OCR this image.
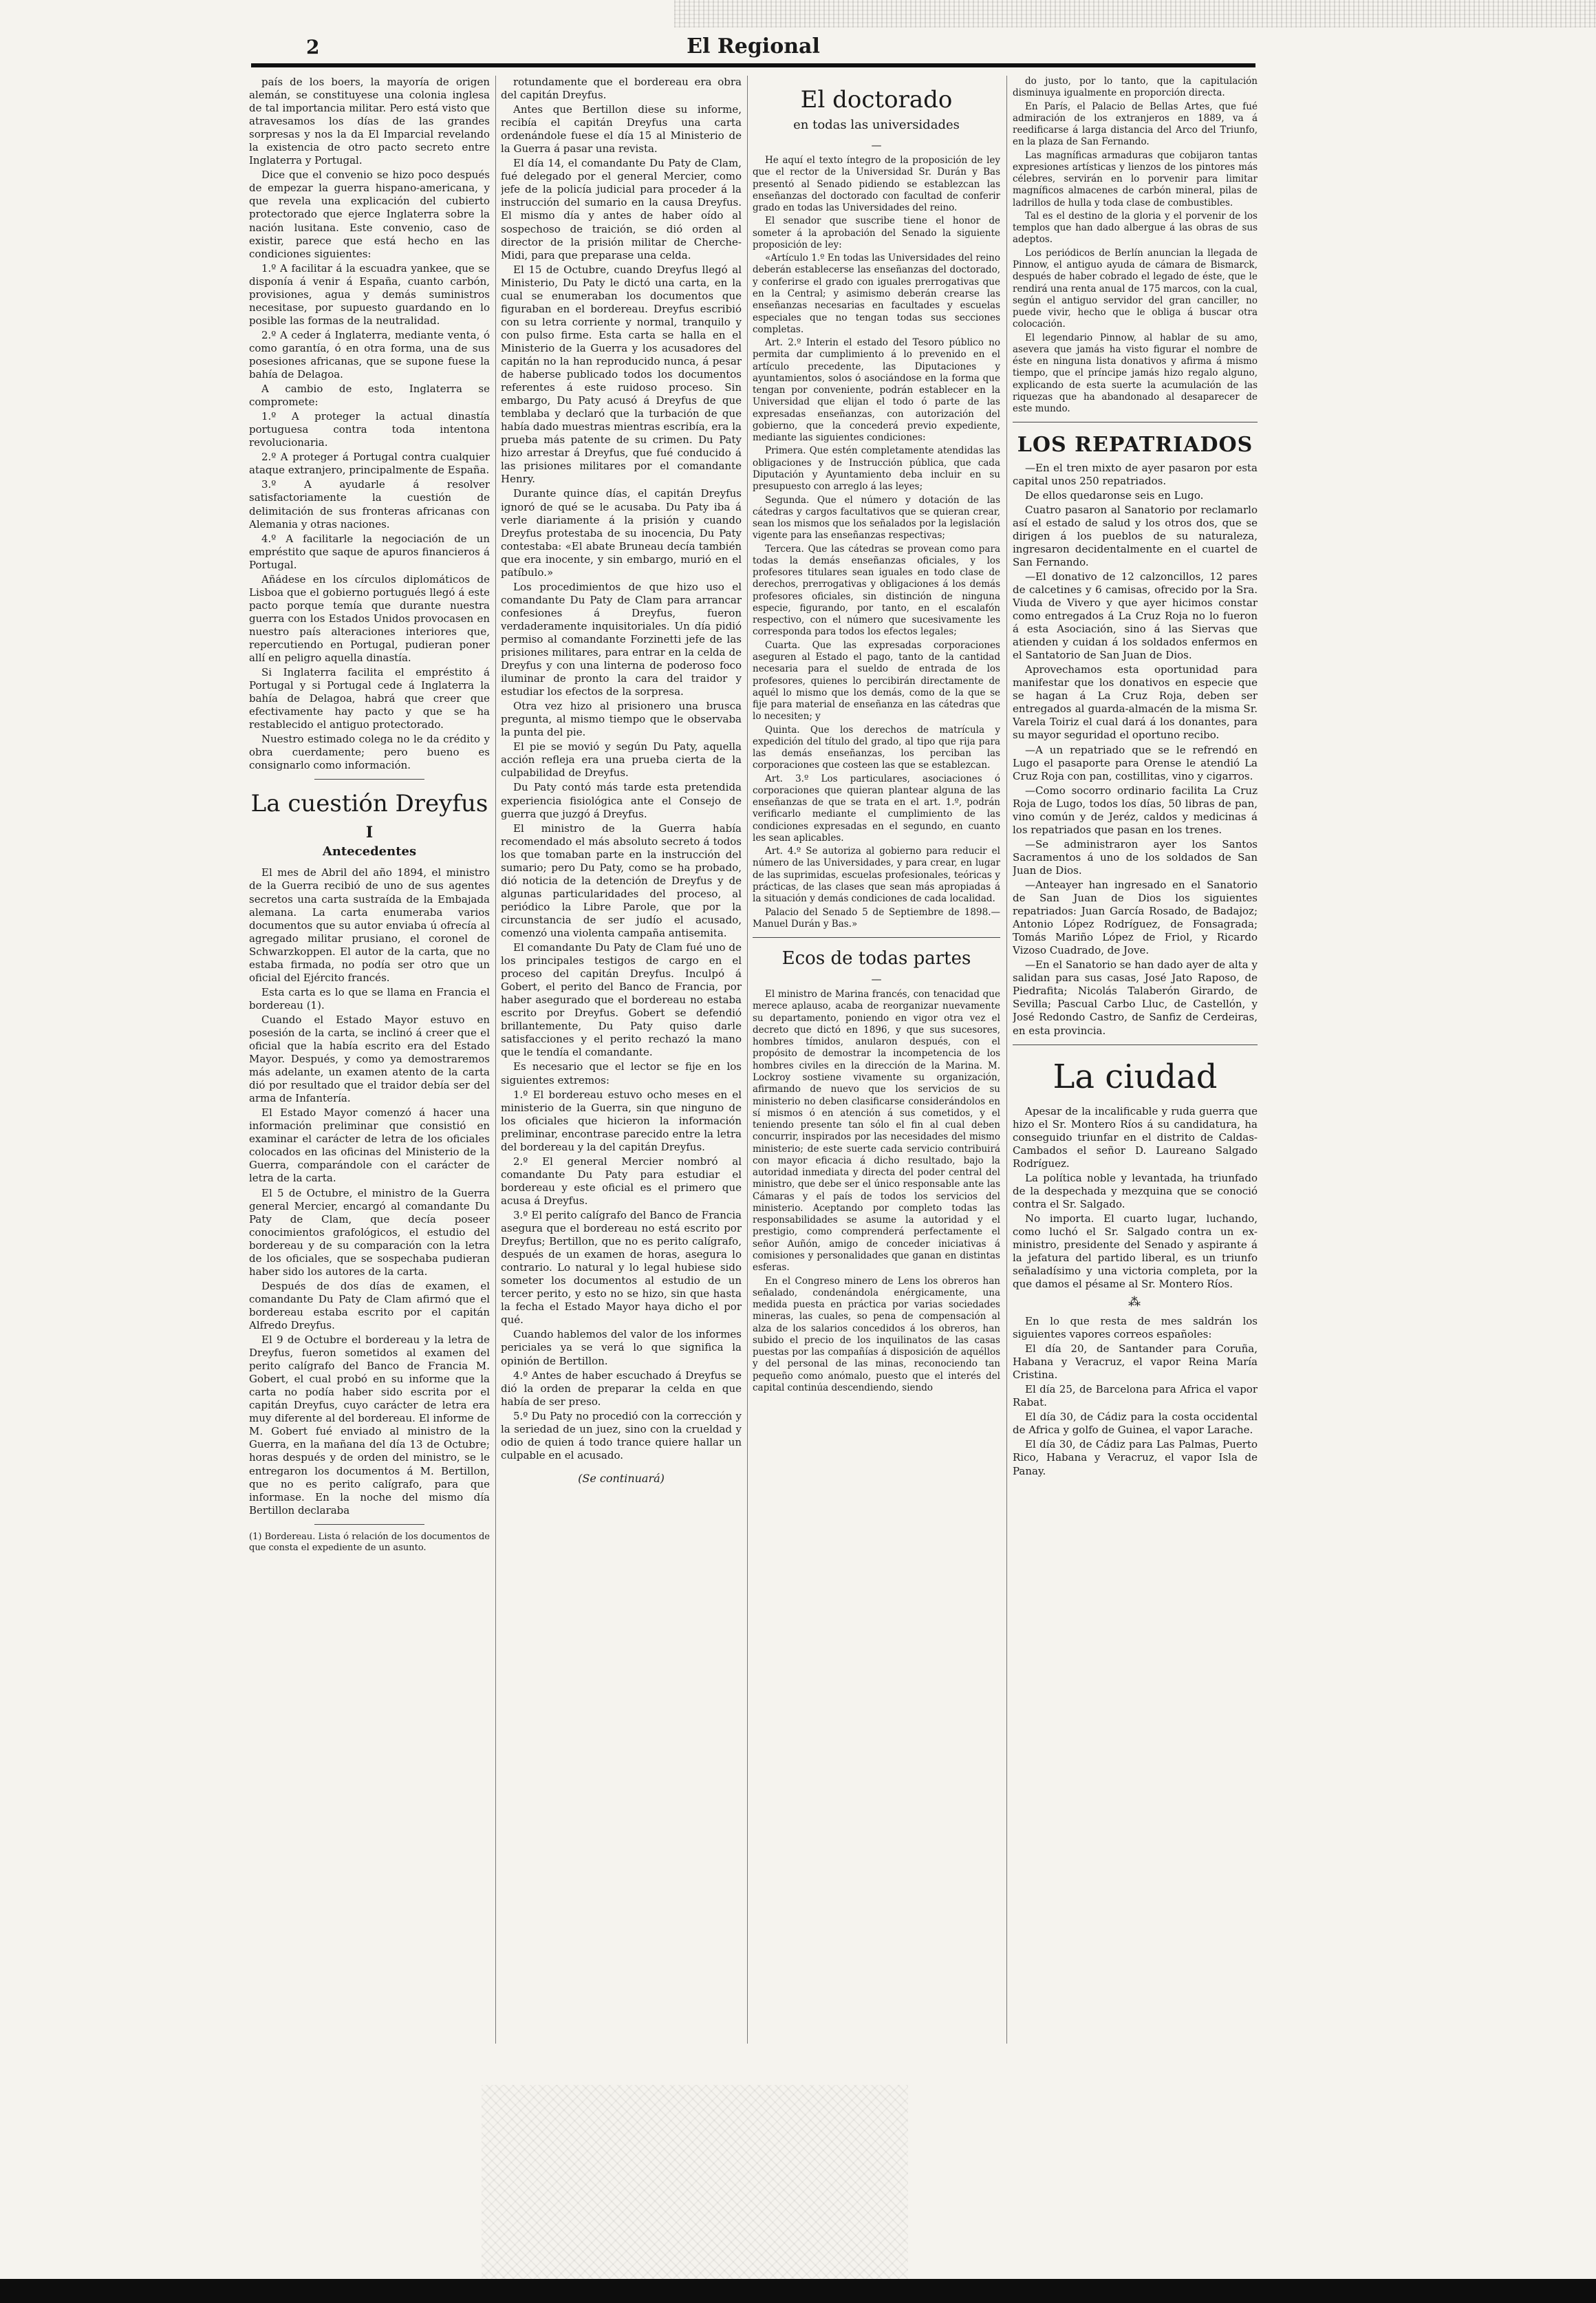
2	El Regional

país de los boers, la mayoría de origen alemán, se constituyese una colonia inglesa de tal importancia militar. Pero está visto que atravesamos los días de las grandes sorpresas y nos la da El Imparcial revelando la existencia de otro pacto secreto entre Inglaterra y Portugal.

Dice que el convenio se hizo poco después de empezar la guerra hispano-americana, y que revela una explicación del cubierto protectorado que ejerce Inglaterra sobre la nación lusitana. Este convenio, caso de existir, parece que está hecho en las condiciones siguientes:

1.º A facilitar á la escuadra yankee, que se disponía á venir á España, cuanto carbón, provisiones, agua y demás suministros necesitase, por supuesto guardando en lo posible las formas de la neutralidad.

2.º A ceder á Inglaterra, mediante venta, ó como garantía, ó en otra forma, una de sus posesiones africanas, que se supone fuese la bahía de Delagoa.

A cambio de esto, Inglaterra se compromete:

1.º A proteger la actual dinastía portuguesa contra toda intentona revolucionaria.

2.º A proteger á Portugal contra cualquier ataque extranjero, principalmente de España.

3.º A ayudarle á resolver satisfactoriamente la cuestión de delimitación de sus fronteras africanas con Alemania y otras naciones.

4.º A facilitarle la negociación de un empréstito que saque de apuros financieros á Portugal.

Añádese en los círculos diplomáticos de Lisboa que el gobierno portugués llegó á este pacto porque temía que durante nuestra guerra con los Estados Unidos provocasen en nuestro país alteraciones interiores que, repercutiendo en Portugal, pudieran poner allí en peligro aquella dinastía.

Si Inglaterra facilita el empréstito á Portugal y si Portugal cede á Inglaterra la bahía de Delagoa, habrá que creer que efectivamente hay pacto y que se ha restablecido el antiguo protectorado.

Nuestro estimado colega no le da crédito y obra cuerdamente; pero bueno es consignarlo como información.

La cuestión Dreyfus
I
Antecedentes

El mes de Abril del año 1894, el ministro de la Guerra recibió de uno de sus agentes secretos una carta sustraída de la Embajada alemana. La carta enumeraba varios documentos que su autor enviaba ú ofrecía al agregado militar prusiano, el coronel de Schwarzkoppen. El autor de la carta, que no estaba firmada, no podía ser otro que un oficial del Ejército francés.

Esta carta es lo que se llama en Francia el bordereau (1).

Cuando el Estado Mayor estuvo en posesión de la carta, se inclinó á creer que el oficial que la había escrito era del Estado Mayor. Después, y como ya demostraremos más adelante, un examen atento de la carta dió por resultado que el traidor debía ser del arma de Infantería.

El Estado Mayor comenzó á hacer una información preliminar que consistió en examinar el carácter de letra de los oficiales colocados en las oficinas del Ministerio de la Guerra, comparándole con el carácter de letra de la carta.

El 5 de Octubre, el ministro de la Guerra general Mercier, encargó al comandante Du Paty de Clam, que decía poseer conocimientos grafológicos, el estudio del bordereau y de su comparación con la letra de los oficiales, que se sospechaba pudieran haber sido los autores de la carta.

Después de dos días de examen, el comandante Du Paty de Clam afirmó que el bordereau estaba escrito por el capitán Alfredo Dreyfus.

El 9 de Octubre el bordereau y la letra de Dreyfus, fueron sometidos al examen del perito calígrafo del Banco de Francia M. Gobert, el cual probó en su informe que la carta no podía haber sido escrita por el capitán Dreyfus, cuyo carácter de letra era muy diferente al del bordereau. El informe de M. Gobert fué enviado al ministro de la Guerra, en la mañana del día 13 de Octubre; horas después y de orden del ministro, se le entregaron los documentos á M. Bertillon, que no es perito calígrafo, para que informase. En la noche del mismo día Bertillon declaraba

(1) Bordereau. Lista ó relación de los documentos de que consta el expediente de un asunto.

rotundamente que el bordereau era obra del capitán Dreyfus.

Antes que Bertillon diese su informe, recibía el capitán Dreyfus una carta ordenándole fuese el día 15 al Ministerio de la Guerra á pasar una revista.

El día 14, el comandante Du Paty de Clam, fué delegado por el general Mercier, como jefe de la policía judicial para proceder á la instrucción del sumario en la causa Dreyfus. El mismo día y antes de haber oído al sospechoso de traición, se dió orden al director de la prisión militar de Cherche-Midi, para que preparase una celda.

El 15 de Octubre, cuando Dreyfus llegó al Ministerio, Du Paty le dictó una carta, en la cual se enumeraban los documentos que figuraban en el bordereau. Dreyfus escribió con su letra corriente y normal, tranquilo y con pulso firme. Esta carta se halla en el Ministerio de la Guerra y los acusadores del capitán no la han reproducido nunca, á pesar de haberse publicado todos los documentos referentes á este ruidoso proceso. Sin embargo, Du Paty acusó á Dreyfus de que temblaba y declaró que la turbación de que había dado muestras mientras escribía, era la prueba más patente de su crimen. Du Paty hizo arrestar á Dreyfus, que fué conducido á las prisiones militares por el comandante Henry.

Durante quince días, el capitán Dreyfus ignoró de qué se le acusaba. Du Paty iba á verle diariamente á la prisión y cuando Dreyfus protestaba de su inocencia, Du Paty contestaba: «El abate Bruneau decía también que era inocente, y sin embargo, murió en el patíbulo.»

Los procedimientos de que hizo uso el comandante Du Paty de Clam para arrancar confesiones á Dreyfus, fueron verdaderamente inquisitoriales. Un día pidió permiso al comandante Forzinetti jefe de las prisiones militares, para entrar en la celda de Dreyfus y con una linterna de poderoso foco iluminar de pronto la cara del traidor y estudiar los efectos de la sorpresa.

Otra vez hizo al prisionero una brusca pregunta, al mismo tiempo que le observaba la punta del pie.

El pie se movió y según Du Paty, aquella acción refleja era una prueba cierta de la culpabilidad de Dreyfus.

Du Paty contó más tarde esta pretendida experiencia fisiológica ante el Consejo de guerra que juzgó á Dreyfus.

El ministro de la Guerra había recomendado el más absoluto secreto á todos los que tomaban parte en la instrucción del sumario; pero Du Paty, como se ha probado, dió noticia de la detención de Dreyfus y de algunas particularidades del proceso, al periódico la Libre Parole, que por la circunstancia de ser judío el acusado, comenzó una violenta campaña antisemita.

El comandante Du Paty de Clam fué uno de los principales testigos de cargo en el proceso del capitán Dreyfus. Inculpó á Gobert, el perito del Banco de Francia, por haber asegurado que el bordereau no estaba escrito por Dreyfus. Gobert se defendió brillantemente, Du Paty quiso darle satisfacciones y el perito rechazó la mano que le tendía el comandante.

Es necesario que el lector se fije en los siguientes extremos:

1.º El bordereau estuvo ocho meses en el ministerio de la Guerra, sin que ninguno de los oficiales que hicieron la información preliminar, encontrase parecido entre la letra del bordereau y la del capitán Dreyfus.

2.º El general Mercier nombró al comandante Du Paty para estudiar el bordereau y este oficial es el primero que acusa á Dreyfus.

3.º El perito calígrafo del Banco de Francia asegura que el bordereau no está escrito por Dreyfus; Bertillon, que no es perito calígrafo, después de un examen de horas, asegura lo contrario. Lo natural y lo legal hubiese sido someter los documentos al estudio de un tercer perito, y esto no se hizo, sin que hasta la fecha el Estado Mayor haya dicho el por qué.

Cuando hablemos del valor de los informes periciales ya se verá lo que significa la opinión de Bertillon.

4.º Antes de haber escuchado á Dreyfus se dió la orden de preparar la celda en que había de ser preso.

5.º Du Paty no procedió con la corrección y la seriedad de un juez, sino con la crueldad y odio de quien á todo trance quiere hallar un culpable en el acusado.

(Se continuará)
El doctorado
en todas las universidades
—

He aquí el texto íntegro de la proposición de ley que el rector de la Universidad Sr. Durán y Bas presentó al Senado pidiendo se establezcan las enseñanzas del doctorado con facultad de conferir grado en todas las Universidades del reino.

El senador que suscribe tiene el honor de someter á la aprobación del Senado la siguiente proposición de ley:

«Artículo 1.º En todas las Universidades del reino deberán establecerse las enseñanzas del doctorado, y conferirse el grado con iguales prerrogativas que en la Central; y asimismo deberán crearse las enseñanzas necesarias en facultades y escuelas especiales que no tengan todas sus secciones completas.

Art. 2.º Interin el estado del Tesoro público no permita dar cumplimiento á lo prevenido en el artículo precedente, las Diputaciones y ayuntamientos, solos ó asociándose en la forma que tengan por conveniente, podrán establecer en la Universidad que elijan el todo ó parte de las expresadas enseñanzas, con autorización del gobierno, que la concederá previo expediente, mediante las siguientes condiciones:

Primera. Que estén completamente atendidas las obligaciones y de Instrucción pública, que cada Diputación y Ayuntamiento deba incluir en su presupuesto con arreglo á las leyes;

Segunda. Que el número y dotación de las cátedras y cargos facultativos que se quieran crear, sean los mismos que los señalados por la legislación vigente para las enseñanzas respectivas;

Tercera. Que las cátedras se provean como para todas la demás enseñanzas oficiales, y los profesores titulares sean iguales en todo clase de derechos, prerrogativas y obligaciones á los demás profesores oficiales, sin distinción de ninguna especie, figurando, por tanto, en el escalafón respectivo, con el número que sucesivamente les corresponda para todos los efectos legales;

Cuarta. Que las expresadas corporaciones aseguren al Estado el pago, tanto de la cantidad necesaria para el sueldo de entrada de los profesores, quienes lo percibirán directamente de aquél lo mismo que los demás, como de la que se fije para material de enseñanza en las cátedras que lo necesiten; y

Quinta. Que los derechos de matrícula y expedición del título del grado, al tipo que rija para las demás enseñanzas, los perciban las corporaciones que costeen las que se establezcan.

Art. 3.º Los particulares, asociaciones ó corporaciones que quieran plantear alguna de las enseñanzas de que se trata en el art. 1.º, podrán verificarlo mediante el cumplimiento de las condiciones expresadas en el segundo, en cuanto les sean aplicables.

Art. 4.º Se autoriza al gobierno para reducir el número de las Universidades, y para crear, en lugar de las suprimidas, escuelas profesionales, teóricas y prácticas, de las clases que sean más apropiadas á la situación y demás condiciones de cada localidad.

Palacio del Senado 5 de Septiembre de 1898.—Manuel Durán y Bas.»

Ecos de todas partes
—

El ministro de Marina francés, con tenacidad que merece aplauso, acaba de reorganizar nuevamente su departamento, poniendo en vigor otra vez el decreto que dictó en 1896, y que sus sucesores, hombres tímidos, anularon después, con el propósito de demostrar la incompetencia de los hombres civiles en la dirección de la Marina. M. Lockroy sostiene vivamente su organización, afirmando de nuevo que los servicios de su ministerio no deben clasificarse considerándolos en sí mismos ó en atención á sus cometidos, y el teniendo presente tan sólo el fin al cual deben concurrir, inspirados por las necesidades del mismo ministerio; de este suerte cada servicio contribuirá con mayor eficacia á dicho resultado, bajo la autoridad inmediata y directa del poder central del ministro, que debe ser el único responsable ante las Cámaras y el país de todos los servicios del ministerio. Aceptando por completo todas las responsabilidades se asume la autoridad y el prestigio, como comprenderá perfectamente el señor Auñón, amigo de conceder iniciativas á comisiones y personalidades que ganan en distintas esferas.

En el Congreso minero de Lens los obreros han señalado, condenándola enérgicamente, una medida puesta en práctica por varias sociedades mineras, las cuales, so pena de compensación al alza de los salarios concedidos á los obreros, han subido el precio de los inquilinatos de las casas puestas por las compañías á disposición de aquéllos y del personal de las minas, reconociendo tan pequeño como anómalo, puesto que el interés del capital continúa descendiendo, siendo

do justo, por lo tanto, que la capitulación disminuya igualmente en proporción directa.

En París, el Palacio de Bellas Artes, que fué admiración de los extranjeros en 1889, va á reedificarse á larga distancia del Arco del Triunfo, en la plaza de San Fernando.

Las magníficas armaduras que cobijaron tantas expresiones artísticas y lienzos de los pintores más célebres, servirán en lo porvenir para limitar magníficos almacenes de carbón mineral, pilas de ladrillos de hulla y toda clase de combustibles.

Tal es el destino de la gloria y el porvenir de los templos que han dado albergue á las obras de sus adeptos.

Los periódicos de Berlín anuncian la llegada de Pinnow, el antiguo ayuda de cámara de Bismarck, después de haber cobrado el legado de éste, que le rendirá una renta anual de 175 marcos, con la cual, según el antiguo servidor del gran canciller, no puede vivir, hecho que le obliga á buscar otra colocación.

El legendario Pinnow, al hablar de su amo, asevera que jamás ha visto figurar el nombre de éste en ninguna lista donativos y afirma á mismo tiempo, que el príncipe jamás hizo regalo alguno, explicando de esta suerte la acumulación de las riquezas que ha abandonado al desaparecer de este mundo.

LOS REPATRIADOS

—En el tren mixto de ayer pasaron por esta capital unos 250 repatriados.

De ellos quedaronse seis en Lugo.

Cuatro pasaron al Sanatorio por reclamarlo así el estado de salud y los otros dos, que se dirigen á los pueblos de su naturaleza, ingresaron decidentalmente en el cuartel de San Fernando.

—El donativo de 12 calzoncillos, 12 pares de calcetines y 6 camisas, ofrecido por la Sra. Viuda de Vivero y que ayer hicimos constar como entregados á La Cruz Roja no lo fueron á esta Asociación, sino á las Siervas que atienden y cuidan á los soldados enfermos en el Santatorio de San Juan de Dios.

Aprovechamos esta oportunidad para manifestar que los donativos en especie que se hagan á La Cruz Roja, deben ser entregados al guarda-almacén de la misma Sr. Varela Toiriz el cual dará á los donantes, para su mayor seguridad el oportuno recibo.

—A un repatriado que se le refrendó en Lugo el pasaporte para Orense le atendió La Cruz Roja con pan, costillitas, vino y cigarros.

—Como socorro ordinario facilita La Cruz Roja de Lugo, todos los días, 50 libras de pan, vino común y de Jeréz, caldos y medicinas á los repatriados que pasan en los trenes.

—Se administraron ayer los Santos Sacramentos á uno de los soldados de San Juan de Dios.

—Anteayer han ingresado en el Sanatorio de San Juan de Dios los siguientes repatriados: Juan García Rosado, de Badajoz; Antonio López Rodríguez, de Fonsagrada; Tomás Mariño López de Friol, y Ricardo Vizoso Cuadrado, de Jove.

—En el Sanatorio se han dado ayer de alta y salidan para sus casas, José Jato Raposo, de Piedrafita; Nicolás Talaberón Girardo, de Sevilla; Pascual Carbo Lluc, de Castellón, y José Redondo Castro, de Sanfiz de Cerdeiras, en esta provincia.

La ciudad

Apesar de la incalificable y ruda guerra que hizo el Sr. Montero Ríos á su candidatura, ha conseguido triunfar en el distrito de Caldas-Cambados el señor D. Laureano Salgado Rodríguez.

La política noble y levantada, ha triunfado de la despechada y mezquina que se conoció contra el Sr. Salgado.

No importa. El cuarto lugar, luchando, como luchó el Sr. Salgado contra un ex-ministro, presidente del Senado y aspirante á la jefatura del partido liberal, es un triunfo señaladísimo y una victoria completa, por la que damos el pésame al Sr. Montero Ríos.

⁂

En lo que resta de mes saldrán los siguientes vapores correos españoles:

El día 20, de Santander para Coruña, Habana y Veracruz, el vapor Reina María Cristina.

El día 25, de Barcelona para Africa el vapor Rabat.

El día 30, de Cádiz para la costa occidental de Africa y golfo de Guinea, el vapor Larache.

El día 30, de Cádiz para Las Palmas, Puerto Rico, Habana y Veracruz, el vapor Isla de Panay.
